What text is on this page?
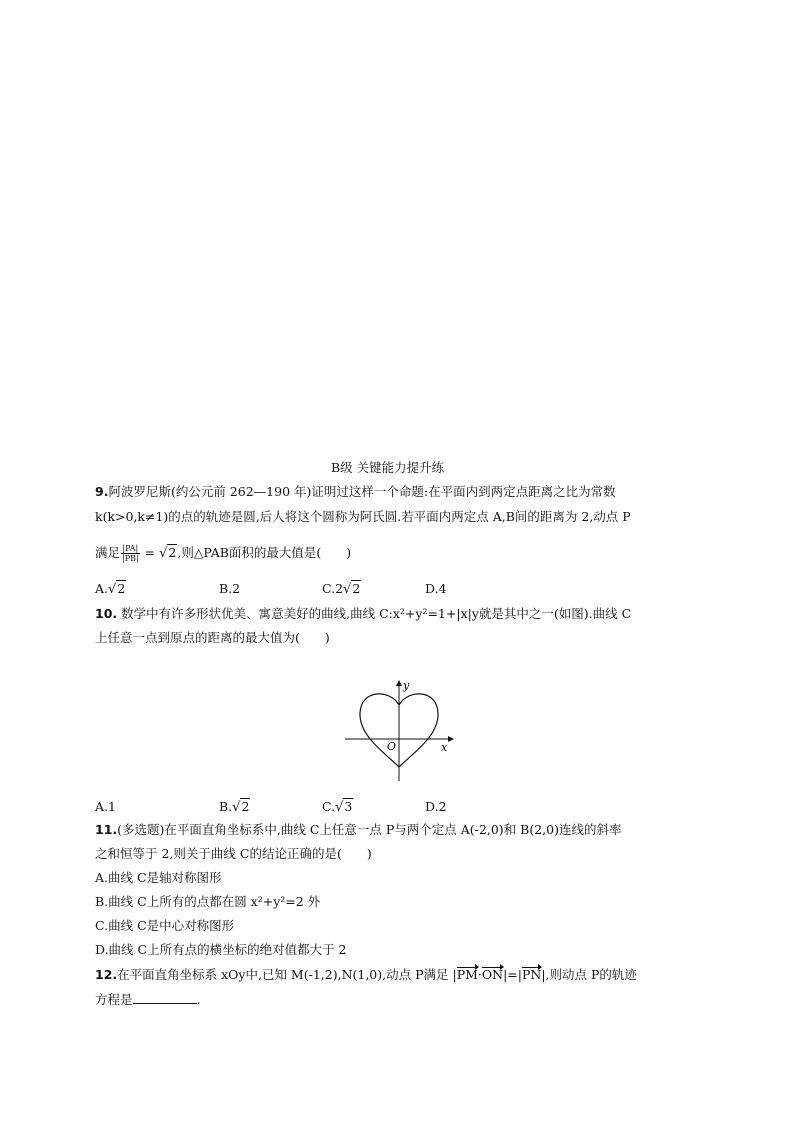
B级 关键能力提升练
9.阿波罗尼斯(约公元前 262—190 年)证明过这样一个命题:在平面内到两定点距离之比为常数
k(k>0,k≠1)的点的轨迹是圆,后人将这个圆称为阿氏圆.若平面内两定点 A,B间的距离为 2,动点 P
满足 $\frac{|PA|}{|PB|} = √2$,则△PAB面积的最大值是(　　)
A.√2	B.2	C.2√2	D.4
10. 数学中有许多形状优美、寓意美好的曲线,曲线 C:x²+y²=1+|x|y就是其中之一(如图).曲线 C
上任意一点到原点的距离的最大值为(　　)
y
x
O
A.1	B.√2	C.√3	D.2
11.(多选题)在平面直角坐标系中,曲线 C上任意一点 P与两个定点 A(-2,0)和 B(2,0)连线的斜率
之和恒等于 2,则关于曲线 C的结论正确的是(　　)
A.曲线 C是轴对称图形
B.曲线 C上所有的点都在圆 x²+y²=2 外
C.曲线 C是中心对称图形
D.曲线 C上所有点的横坐标的绝对值都大于 2
12.在平面直角坐标系 xOy中,已知 M(-1,2),N(1,0),动点 P满足 |PM·ON|=|PN|,则动点 P的轨迹
方程是	.
